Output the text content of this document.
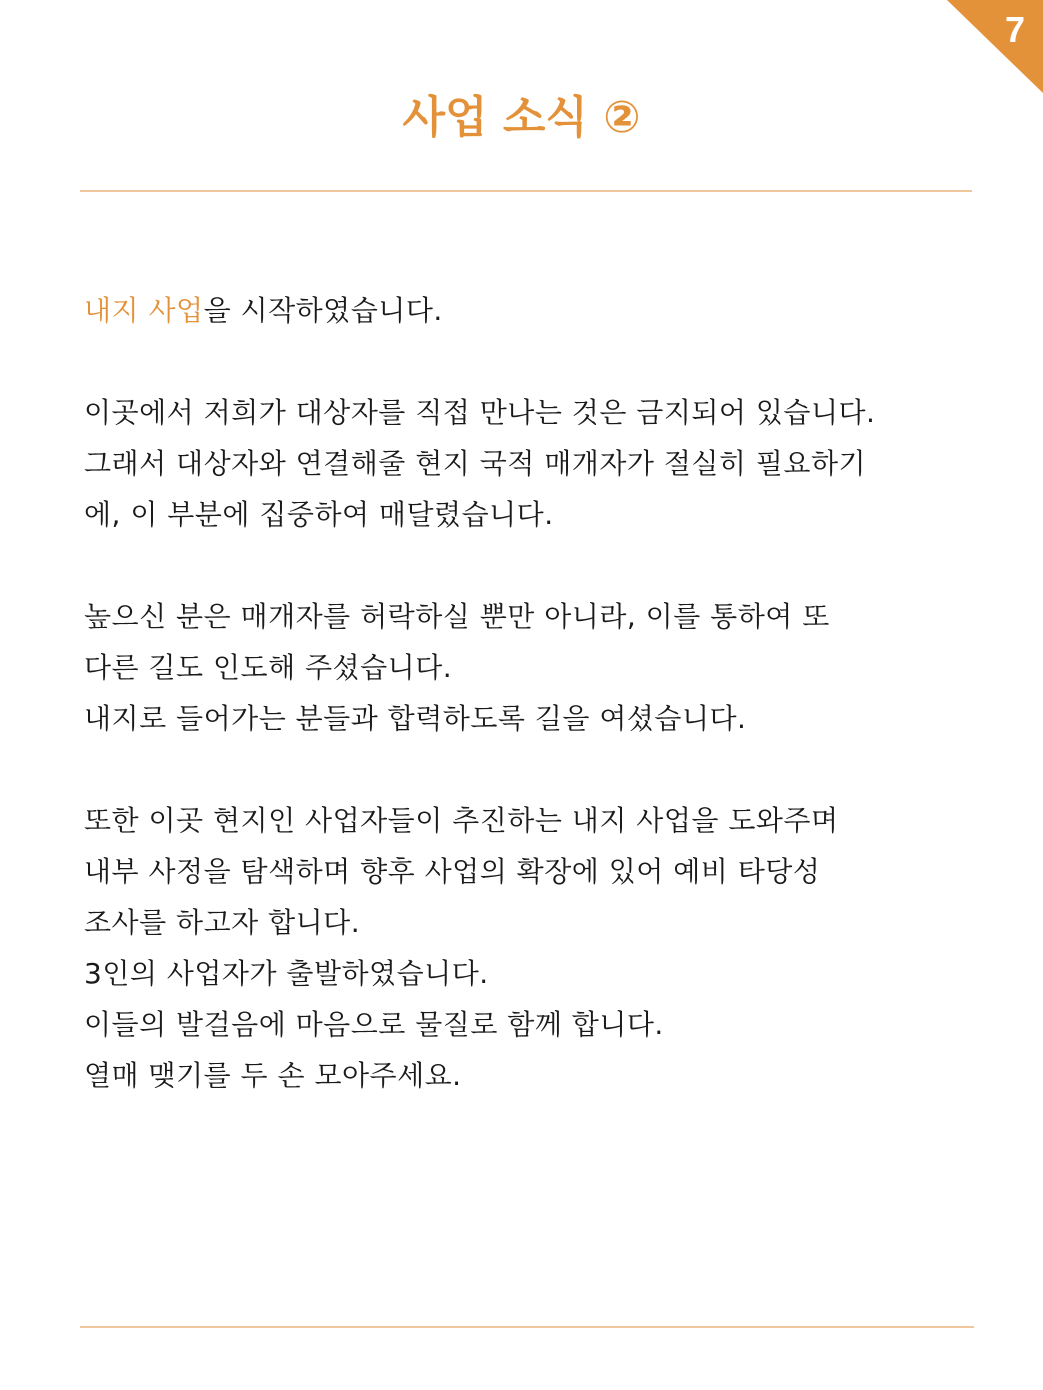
7
사업 소식 ②

내지 사업을 시작하였습니다.

이곳에서 저희가 대상자를 직접 만나는 것은 금지되어 있습니다.

그래서 대상자와 연결해줄 현지 국적 매개자가 절실히 필요하기

에, 이 부분에 집중하여 매달렸습니다.

높으신 분은 매개자를 허락하실 뿐만 아니라, 이를 통하여 또

다른 길도 인도해 주셨습니다.

내지로 들어가는 분들과 합력하도록 길을 여셨습니다.

또한 이곳 현지인 사업자들이 추진하는 내지 사업을 도와주며

내부 사정을 탐색하며 향후 사업의 확장에 있어 예비 타당성

조사를 하고자 합니다.

3인의 사업자가 출발하였습니다.

이들의 발걸음에 마음으로 물질로 함께 합니다.

열매 맺기를 두 손 모아주세요.
